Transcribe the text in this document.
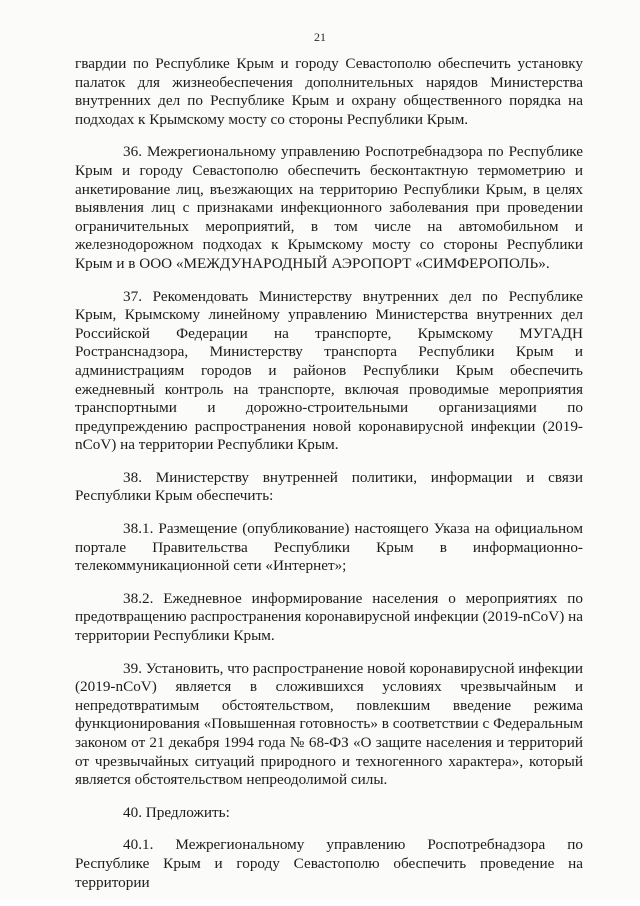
21

гвардии по Республике Крым и городу Севастополю обеспечить установку палаток для жизнеобеспечения дополнительных нарядов Министерства внутренних дел по Республике Крым и охрану общественного порядка на подходах к Крымскому мосту со стороны Республики Крым.

36. Межрегиональному управлению Роспотребнадзора по Республике Крым и городу Севастополю обеспечить бесконтактную термометрию и анкетирование лиц, въезжающих на территорию Республики Крым, в целях выявления лиц с признаками инфекционного заболевания при проведении ограничительных мероприятий, в том числе на автомобильном и железнодорожном подходах к Крымскому мосту со стороны Республики Крым и в ООО «МЕЖДУНАРОДНЫЙ АЭРОПОРТ «СИМФЕРОПОЛЬ».

37. Рекомендовать Министерству внутренних дел по Республике Крым, Крымскому линейному управлению Министерства внутренних дел Российской Федерации на транспорте, Крымскому МУГАДН Ространснадзора, Министерству транспорта Республики Крым и администрациям городов и районов Республики Крым обеспечить ежедневный контроль на транспорте, включая проводимые мероприятия транспортными и дорожно-строительными организациями по предупреждению распространения новой коронавирусной инфекции (2019-nCoV) на территории Республики Крым.

38. Министерству внутренней политики, информации и связи Республики Крым обеспечить:

38.1. Размещение (опубликование) настоящего Указа на официальном портале Правительства Республики Крым в информационно-телекоммуникационной сети «Интернет»;

38.2. Ежедневное информирование населения о мероприятиях по предотвращению распространения коронавирусной инфекции (2019-nCoV) на территории Республики Крым.

39. Установить, что распространение новой коронавирусной инфекции (2019-nCoV) является в сложившихся условиях чрезвычайным и непредотвратимым обстоятельством, повлекшим введение режима функционирования «Повышенная готовность» в соответствии с Федеральным законом от 21 декабря 1994 года № 68-ФЗ «О защите населения и территорий от чрезвычайных ситуаций природного и техногенного характера», который является обстоятельством непреодолимой силы.

40. Предложить:

40.1. Межрегиональному управлению Роспотребнадзора по Республике Крым и городу Севастополю обеспечить проведение на территории
